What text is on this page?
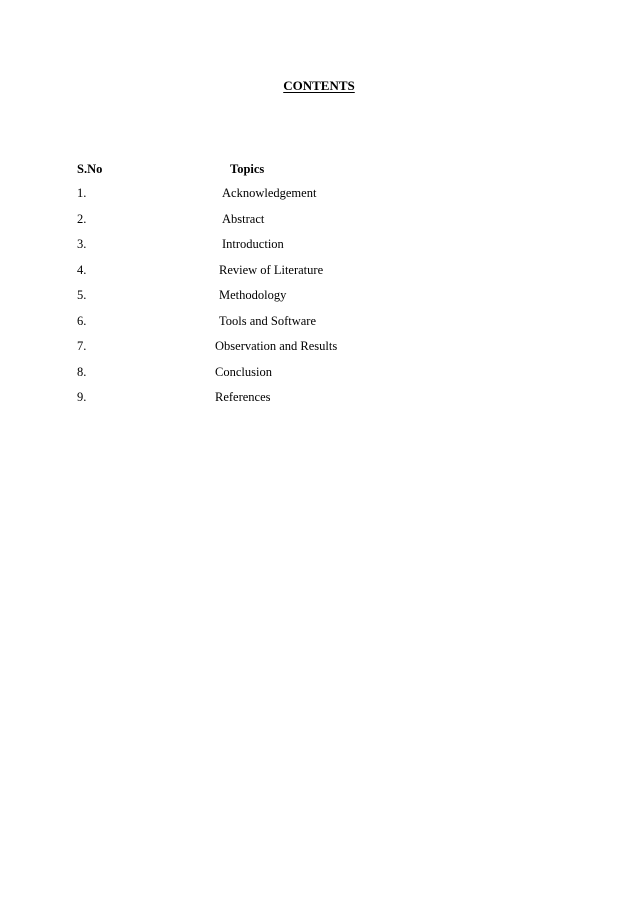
CONTENTS
S.No	Topics
1.	Acknowledgement
2.	Abstract
3.	Introduction
4.	Review of Literature
5.	Methodology
6.	Tools and Software
7.	Observation and Results
8.	Conclusion
9.	References
